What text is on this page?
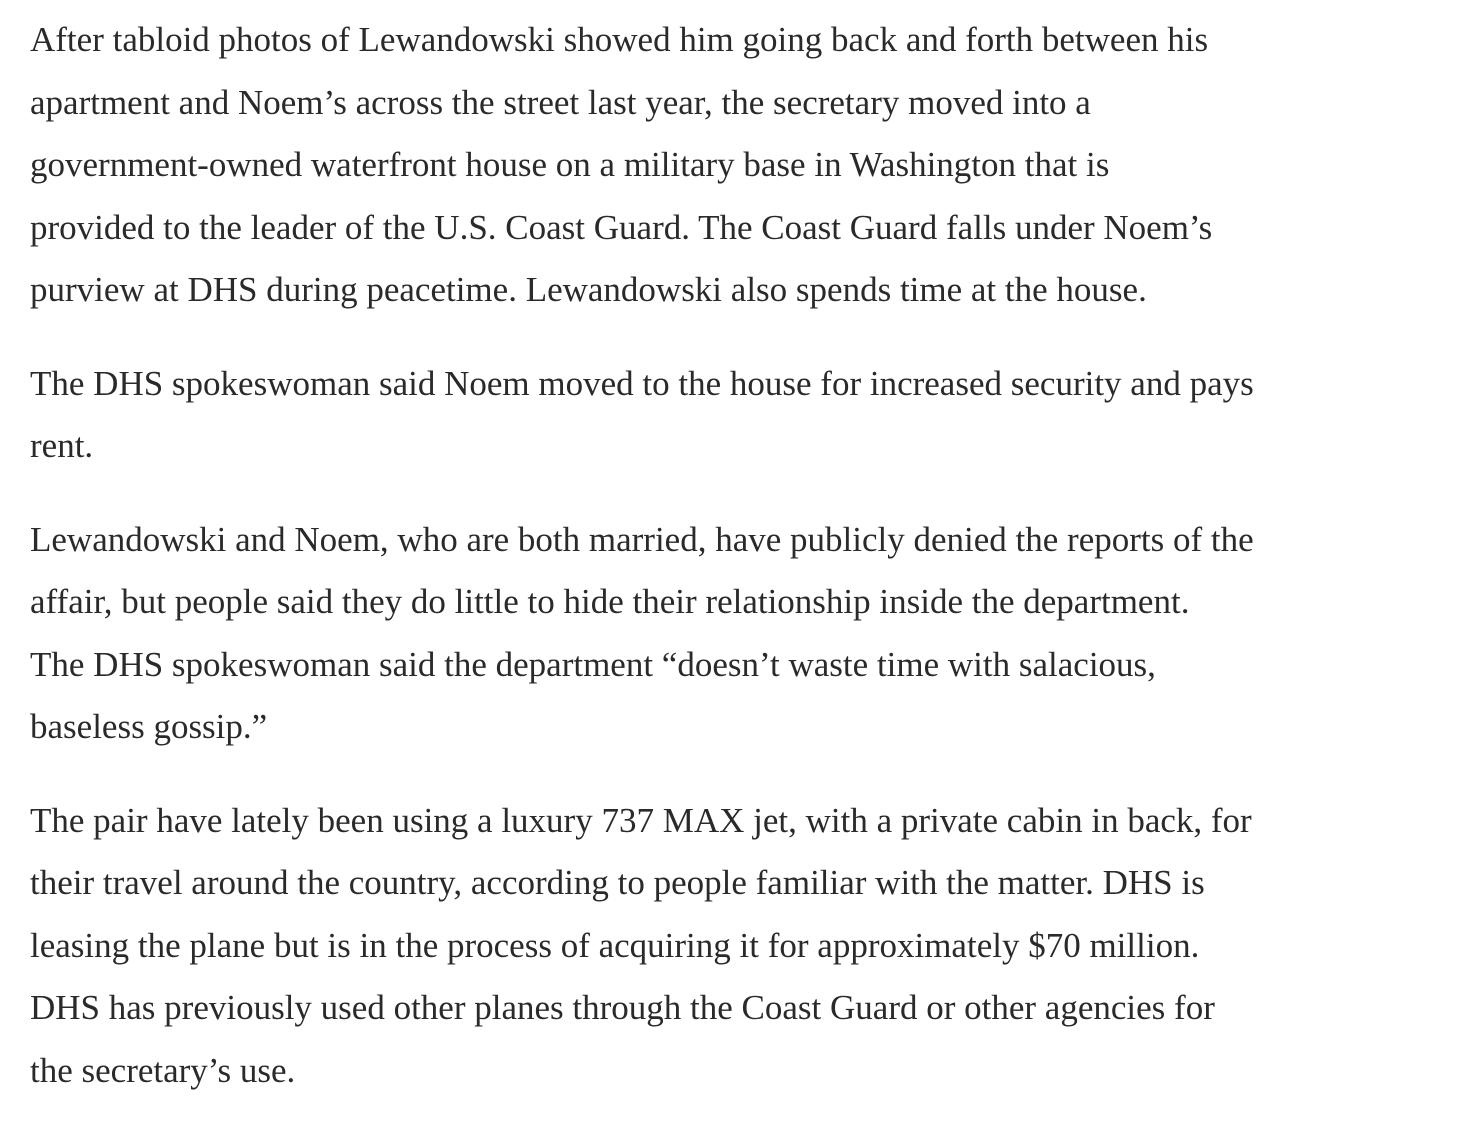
After tabloid photos of Lewandowski showed him going back and forth between his
apartment and Noem’s across the street last year, the secretary moved into a
government-owned waterfront house on a military base in Washington that is
provided to the leader of the U.S. Coast Guard. The Coast Guard falls under Noem’s
purview at DHS during peacetime. Lewandowski also spends time at the house.

The DHS spokeswoman said Noem moved to the house for increased security and pays
rent.

Lewandowski and Noem, who are both married, have publicly denied the reports of the
affair, but people said they do little to hide their relationship inside the department.
The DHS spokeswoman said the department “doesn’t waste time with salacious,
baseless gossip.”

The pair have lately been using a luxury 737 MAX jet, with a private cabin in back, for
their travel around the country, according to people familiar with the matter. DHS is
leasing the plane but is in the process of acquiring it for approximately $70 million.
DHS has previously used other planes through the Coast Guard or other agencies for
the secretary’s use.
